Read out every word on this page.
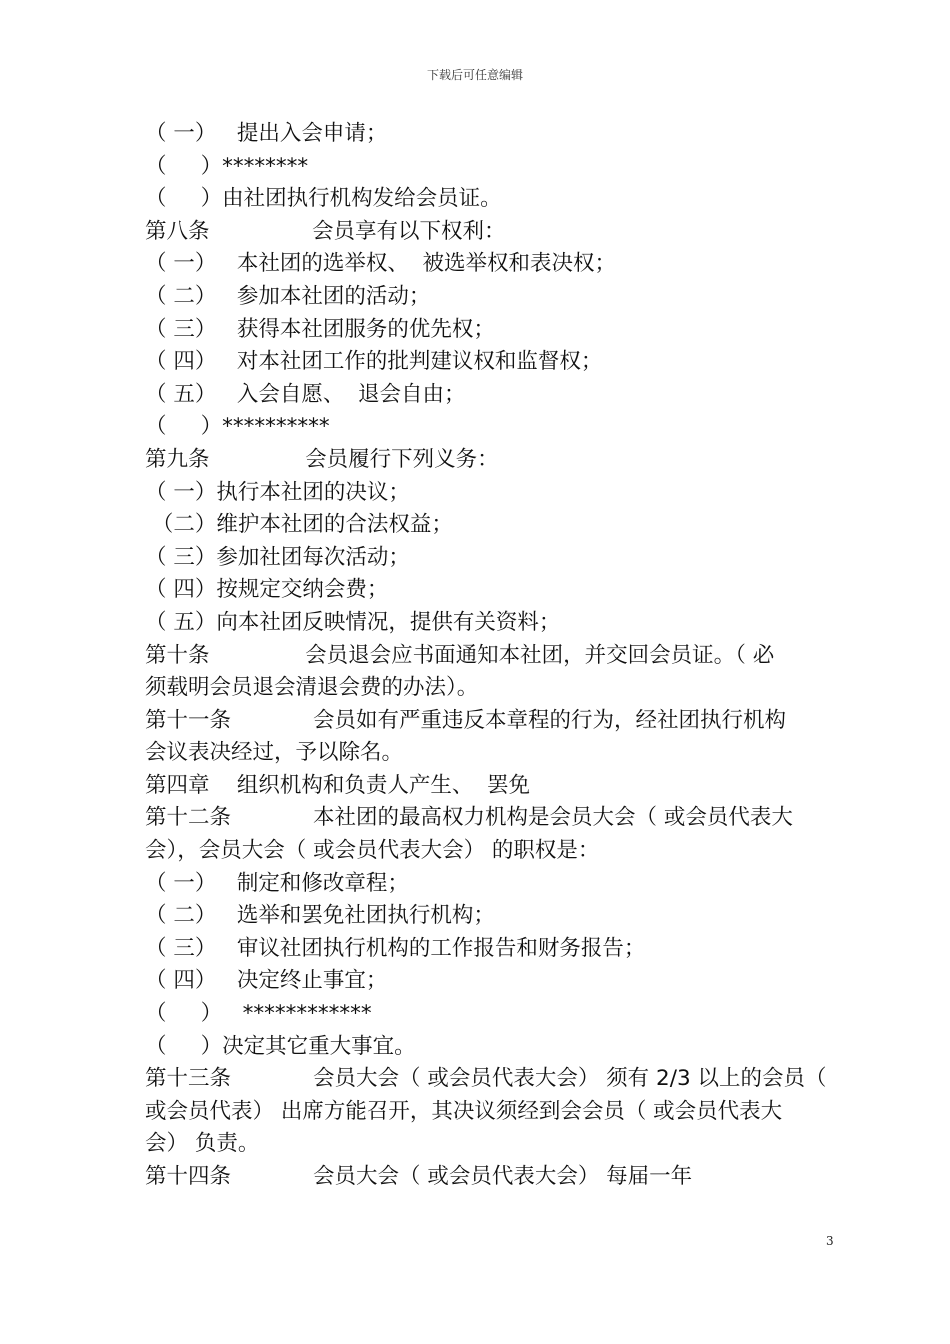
下载后可任意编辑
（ 一）   提出入会申请；
（     ）********
（     ）由社团执行机构发给会员证。
第八条               会员享有以下权利：
（ 一）   本社团的选举权、  被选举权和表决权；
（ 二）   参加本社团的活动；
（ 三）   获得本社团服务的优先权；
（ 四）   对本社团工作的批判建议权和监督权；
（ 五）   入会自愿、  退会自由；
（     ）**********
第九条              会员履行下列义务：
（ 一）执行本社团的决议；
（二）维护本社团的合法权益；
（ 三）参加社团每次活动；
（ 四）按规定交纳会费；
（ 五）向本社团反映情况，提供有关资料；
第十条              会员退会应书面通知本社团，并交回会员证。（ 必
须载明会员退会清退会费的办法）。
第十一条            会员如有严重违反本章程的行为，经社团执行机构
会议表决经过，予以除名。
第四章    组织机构和负责人产生、  罢免
第十二条            本社团的最高权力机构是会员大会（ 或会员代表大
会），会员大会（ 或会员代表大会） 的职权是：
（ 一）   制定和修改章程；
（ 二）   选举和罢免社团执行机构；
（ 三）   审议社团执行机构的工作报告和财务报告；
（ 四）   决定终止事宜；
（     ）   ************
（     ）决定其它重大事宜。
第十三条            会员大会（ 或会员代表大会） 须有 2/3 以上的会员（
或会员代表） 出席方能召开，其决议须经到会会员（ 或会员代表大
会） 负责。
第十四条            会员大会（ 或会员代表大会） 每届一年
3
